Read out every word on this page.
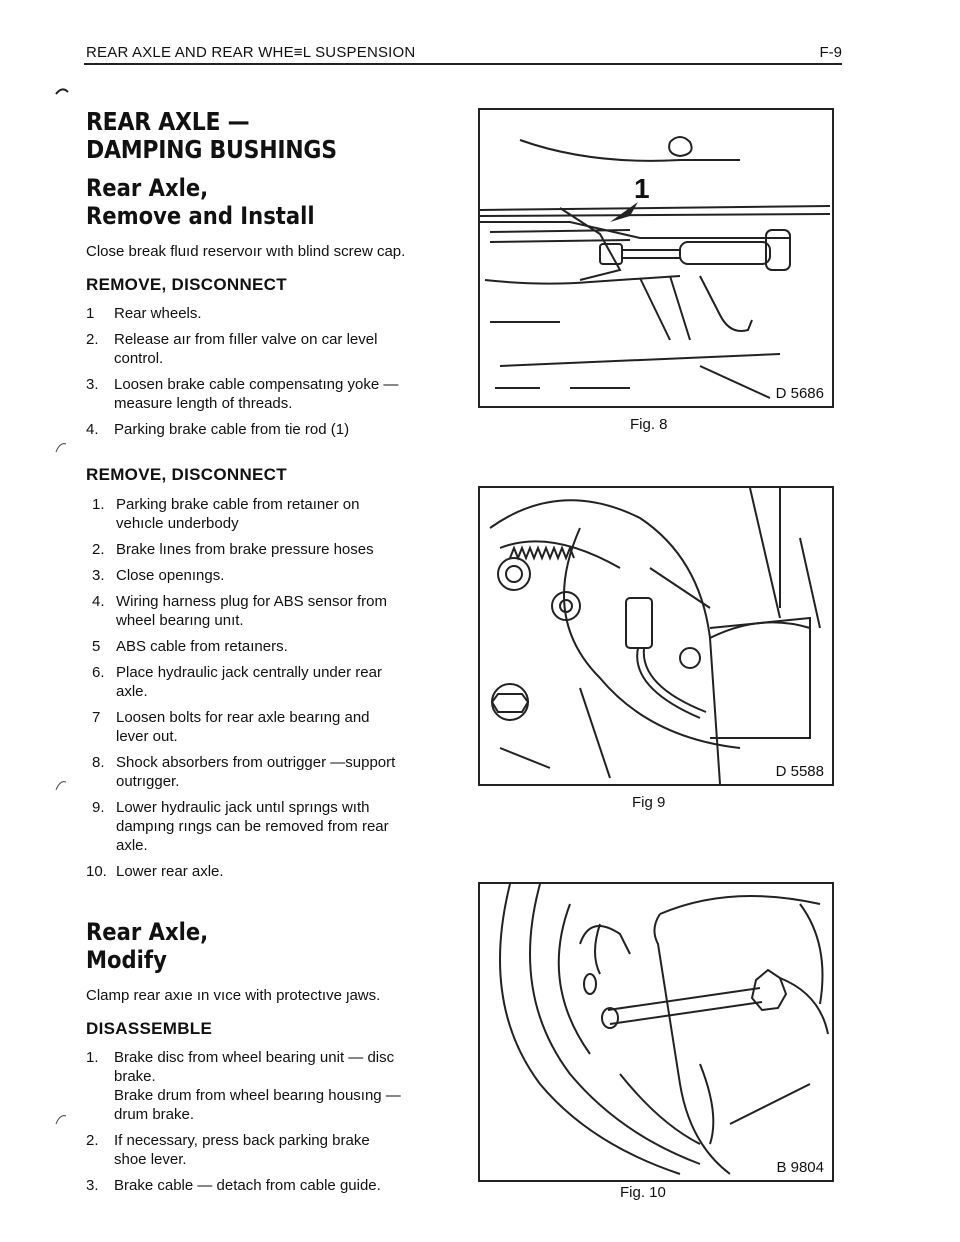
REAR AXLE AND REAR WHE≡L SUSPENSION	F-9
REAR AXLE —
DAMPING BUSHINGS
Rear Axle,
Remove and Install
Close break fluıd reservoır wıth blind screw cap.
REMOVE, DISCONNECT
1 Rear wheels.
2. Release aır from fıller valve on car level control.
3. Loosen brake cable compensatıng yoke — measure length of threads.
4. Parking brake cable from tie rod (1)
REMOVE, DISCONNECT
1. Parking brake cable from retaıner on vehıcle underbody
2. Brake lınes from brake pressure hoses
3. Close openıngs.
4. Wiring harness plug for ABS sensor from wheel bearıng unıt.
5 ABS cable from retaıners.
6. Place hydraulic jack centrally under rear axle.
7 Loosen bolts for rear axle bearıng and lever out.
8. Shock absorbers from outrigger —support outrıgger.
9. Lower hydraulic jack untıl sprıngs wıth dampıng rıngs can be removed from rear axle.
10. Lower rear axle.
Rear Axle,
Modify
Clamp rear axıe ın vıce with protectıve ȷaws.
DISASSEMBLE
1. Brake disc from wheel bearing unit — disc brake.
Brake drum from wheel bearıng housıng — drum brake.
2. If necessary, press back parking brake shoe lever.
3. Brake cable — detach from cable guide.
1
D 5686
Fig. 8
D 5588
Fig 9
B 9804
Fig. 10
